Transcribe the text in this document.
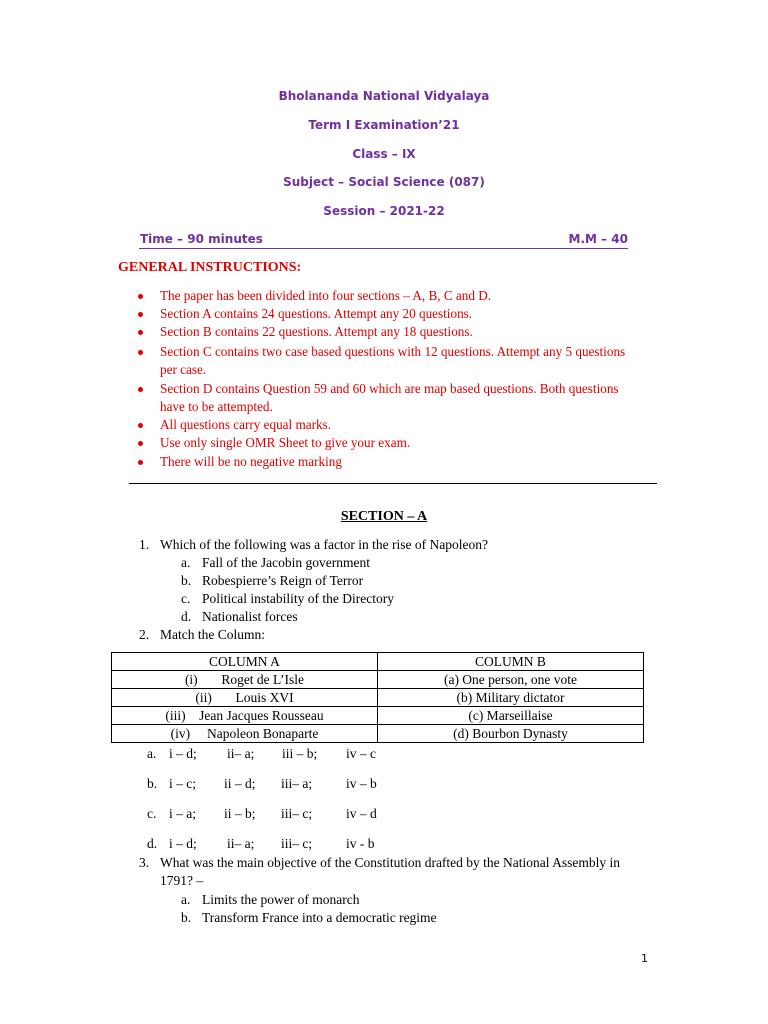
Bholananda National Vidyalaya
Term I Examination’21
Class – IX
Subject – Social Science (087)
Session – 2021-22
Time – 90 minutes	M.M – 40
GENERAL INSTRUCTIONS:
The paper has been divided into four sections – A, B, C and D.
Section A contains 24 questions. Attempt any 20 questions.
Section B contains 22 questions. Attempt any 18 questions.
Section C contains two case based questions with 12 questions. Attempt any 5 questions per case.
Section D contains Question 59 and 60 which are map based questions. Both questions have to be attempted.
All questions carry equal marks.
Use only single OMR Sheet to give your exam.
There will be no negative marking
SECTION – A
1. Which of the following was a factor in the rise of Napoleon?
a. Fall of the Jacobin government
b. Robespierre’s Reign of Terror
c. Political instability of the Directory
d. Nationalist forces
2. Match the Column:
COLUMN A	COLUMN B
(i) Roget de L’Isle	(a) One person, one vote
(ii) Louis XVI	(b) Military dictator
(iii) Jean Jacques Rousseau	(c) Marseillaise
(iv) Napoleon Bonaparte	(d) Bourbon Dynasty
a. i – d; ii– a; iii – b; iv – c
b. i – c; ii – d; iii– a;	iv – b
c. i – a; ii – b; iii– c;	iv – d
d. i – d; ii– a; iii– c;	iv - b
3. What was the main objective of the Constitution drafted by the National Assembly in 1791? –
a. Limits the power of monarch
b. Transform France into a democratic regime
1
